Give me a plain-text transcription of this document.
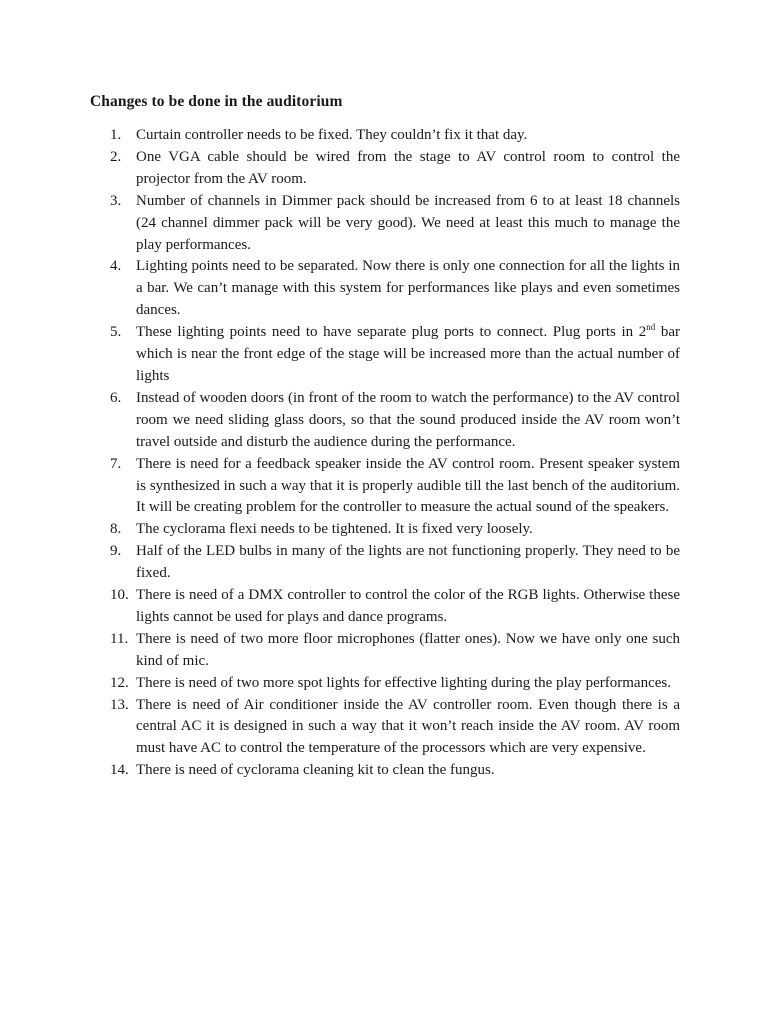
Changes to be done in the auditorium
1. Curtain controller needs to be fixed. They couldn’t fix it that day.
2. One VGA cable should be wired from the stage to AV control room to control the projector from the AV room.
3. Number of channels in Dimmer pack should be increased from 6 to at least 18 channels (24 channel dimmer pack will be very good). We need at least this much to manage the play performances.
4. Lighting points need to be separated. Now there is only one connection for all the lights in a bar. We can’t manage with this system for performances like plays and even sometimes dances.
5. These lighting points need to have separate plug ports to connect. Plug ports in 2nd bar which is near the front edge of the stage will be increased more than the actual number of lights
6. Instead of wooden doors (in front of the room to watch the performance) to the AV control room we need sliding glass doors, so that the sound produced inside the AV room won’t travel outside and disturb the audience during the performance.
7. There is need for a feedback speaker inside the AV control room. Present speaker system is synthesized in such a way that it is properly audible till the last bench of the auditorium. It will be creating problem for the controller to measure the actual sound of the speakers.
8. The cyclorama flexi needs to be tightened. It is fixed very loosely.
9. Half of the LED bulbs in many of the lights are not functioning properly. They need to be fixed.
10. There is need of a DMX controller to control the color of the RGB lights. Otherwise these lights cannot be used for plays and dance programs.
11. There is need of two more floor microphones (flatter ones). Now we have only one such kind of mic.
12. There is need of two more spot lights for effective lighting during the play performances.
13. There is need of Air conditioner inside the AV controller room. Even though there is a central AC it is designed in such a way that it won’t reach inside the AV room. AV room must have AC to control the temperature of the processors which are very expensive.
14. There is need of cyclorama cleaning kit to clean the fungus.
